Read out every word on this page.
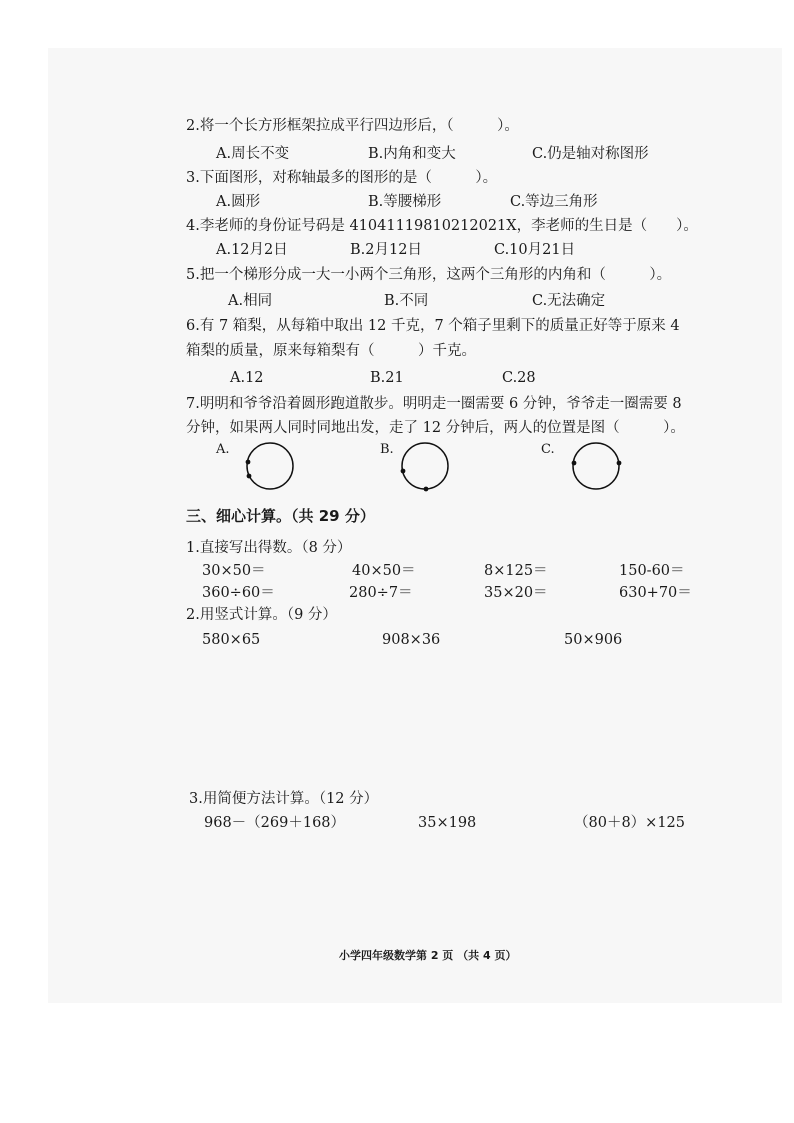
2.将一个长方形框架拉成平行四边形后，（　　　）。
A.周长不变	B.内角和变大	C.仍是轴对称图形
3.下面图形，对称轴最多的图形的是（　　　）。
A.圆形	B.等腰梯形	C.等边三角形
4.李老师的身份证号码是 41041119810212021X，李老师的生日是（　　）。
A.12月2日	B.2月12日	C.10月21日
5.把一个梯形分成一大一小两个三角形，这两个三角形的内角和（　　　）。
A.相同	B.不同	C.无法确定
6.有 7 箱梨，从每箱中取出 12 千克，7 个箱子里剩下的质量正好等于原来 4
箱梨的质量，原来每箱梨有（　　　）千克。
A.12	B.21	C.28
7.明明和爷爷沿着圆形跑道散步。明明走一圈需要 6 分钟，爷爷走一圈需要 8
分钟，如果两人同时同地出发，走了 12 分钟后，两人的位置是图（　　　）。
A.	B.	C.
三、细心计算。（共 29 分）
1.直接写出得数。（8 分）
30×50＝	40×50＝	8×125＝	150-60＝
360÷60＝	280÷7＝	35×20＝	630+70＝
2.用竖式计算。（9 分）
580×65	908×36	50×906
3.用简便方法计算。（12 分）
968－（269＋168）	35×198	（80＋8）×125
小学四年级数学第 2 页 （共 4 页）
